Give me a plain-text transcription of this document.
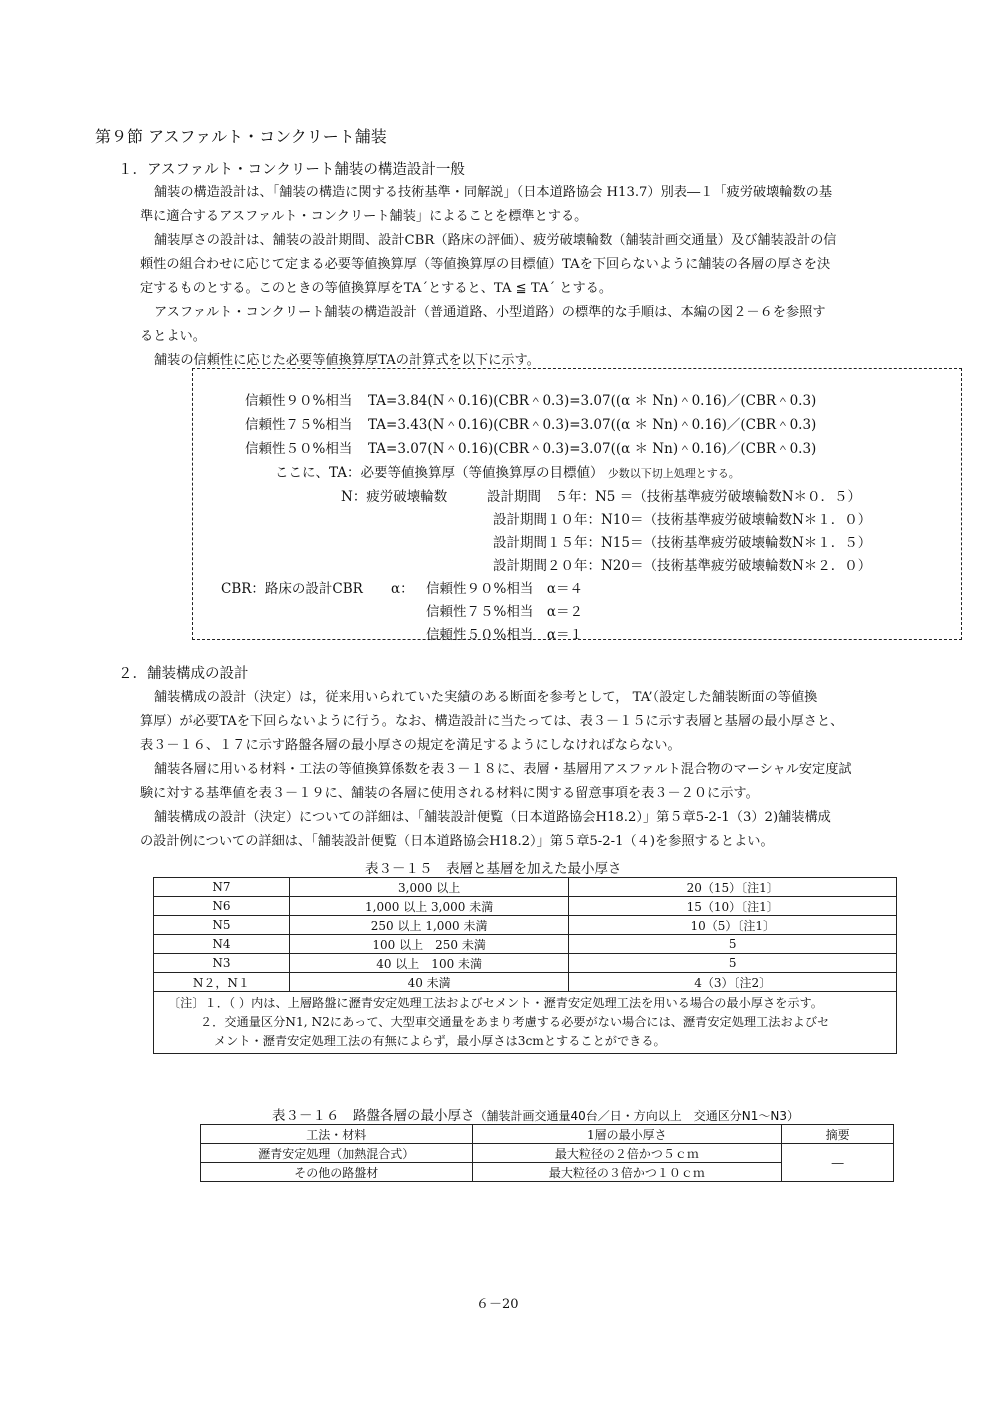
第９節 アスファルト・コンクリート舗装
１．アスファルト・コンクリート舗装の構造設計一般
舗装の構造設計は、「舗装の構造に関する技術基準・同解説」（日本道路協会 H13.7）別表―１「疲労破壊輪数の基
準に適合するアスファルト・コンクリート舗装」によることを標準とする。
舗装厚さの設計は、舗装の設計期間、設計CBR（路床の評価）、疲労破壊輪数（舗装計画交通量）及び舗装設計の信
頼性の組合わせに応じて定まる必要等値換算厚（等値換算厚の目標値）TAを下回らないように舗装の各層の厚さを決
定するものとする。このときの等値換算厚をTA´とすると、TA ≦ TA´ とする。
アスファルト・コンクリート舗装の構造設計（普通道路、小型道路）の標準的な手順は、本編の図２－６を参照す
るとよい。
舗装の信頼性に応じた必要等値換算厚TAの計算式を以下に示す。
信頼性９０%相当 TA=3.84(N＾0.16)(CBR＾0.3)=3.07((α ＊ Nn)＾0.16)／(CBR＾0.3)
信頼性７５%相当 TA=3.43(N＾0.16)(CBR＾0.3)=3.07((α ＊ Nn)＾0.16)／(CBR＾0.3)
信頼性５０%相当 TA=3.07(N＾0.16)(CBR＾0.3)=3.07((α ＊ Nn)＾0.16)／(CBR＾0.3)
ここに、TA：必要等値換算厚（等値換算厚の目標値） 少数以下切上処理とする。
N：疲労破壊輪数	設計期間　５年：N5 ＝（技術基準疲労破壊輪数N＊０．５）
設計期間１０年：N10＝（技術基準疲労破壊輪数N＊１．０）
設計期間１５年：N15＝（技術基準疲労破壊輪数N＊１．５）
設計期間２０年：N20＝（技術基準疲労破壊輪数N＊２．０）
CBR：路床の設計CBR α： 信頼性９０%相当　α＝４
信頼性７５%相当　α＝２
信頼性５０%相当　α＝１
２．舗装構成の設計
舗装構成の設計（決定）は，従来用いられていた実績のある断面を参考として， TA’（設定した舗装断面の等値換
算厚）が必要TAを下回らないように行う。なお、構造設計に当たっては、表３－１５に示す表層と基層の最小厚さと、
表３－１６、１７に示す路盤各層の最小厚さの規定を満足するようにしなければならない。
舗装各層に用いる材料・工法の等値換算係数を表３－１８に、表層・基層用アスファルト混合物のマーシャル安定度試
験に対する基準値を表３－１９に、舗装の各層に使用される材料に関する留意事項を表３－２０に示す。
舗装構成の設計（決定）についての詳細は、「舗装設計便覧（日本道路協会H18.2）」第５章5-2-1（3）2)舗装構成
の設計例についての詳細は、「舗装設計便覧（日本道路協会H18.2）」第５章5-2-1（４)を参照するとよい。
表３－１５　表層と基層を加えた最小厚さ
N7	3,000 以上	20（15）〔注1〕
N6	1,000 以上 3,000 未満	15（10）〔注1〕
N5	250 以上 1,000 未満	10（5）〔注1〕
N4	100 以上　250 未満	5
N3	40 以上　100 未満	5
N２，N１	40 未満	4（3）〔注2〕

〔注〕１．（ ）内は、上層路盤に瀝青安定処理工法およびセメント・瀝青安定処理工法を用いる場合の最小厚さを示す。
２．交通量区分N1, N2にあって、大型車交通量をあまり考慮する必要がない場合には、瀝青安定処理工法およびセ
メント・瀝青安定処理工法の有無によらず，最小厚さは3cmとすることができる。		
表３－１６　路盤各層の最小厚さ（舗装計画交通量40台／日・方向以上　交通区分N1～N3）
工法・材料	1層の最小厚さ	摘要
瀝青安定処理（加熱混合式）	最大粒径の２倍かつ５ｃｍ	―
その他の路盤材	最大粒径の３倍かつ１０ｃｍ	
６－20
